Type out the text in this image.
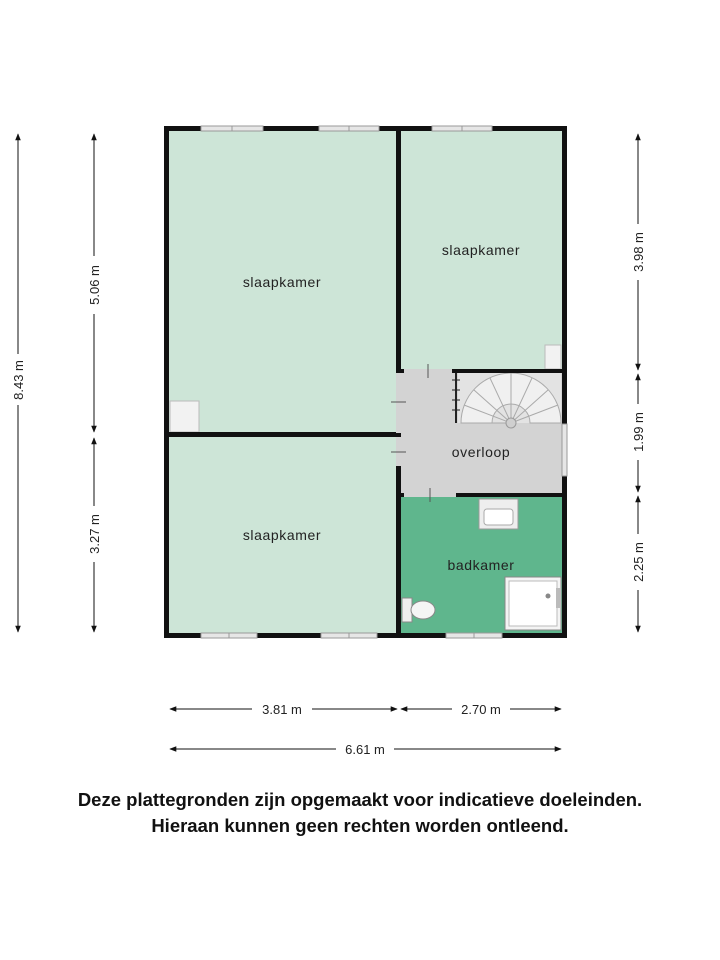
slaapkamer
slaapkamer
overloop
slaapkamer
badkamer
8.43 m
5.06 m
3.27 m
3.98 m
1.99 m
2.25 m
3.81 m	2.70 m
6.61 m
Deze plattegronden zijn opgemaakt voor indicatieve doeleinden.
Hieraan kunnen geen rechten worden ontleend.
